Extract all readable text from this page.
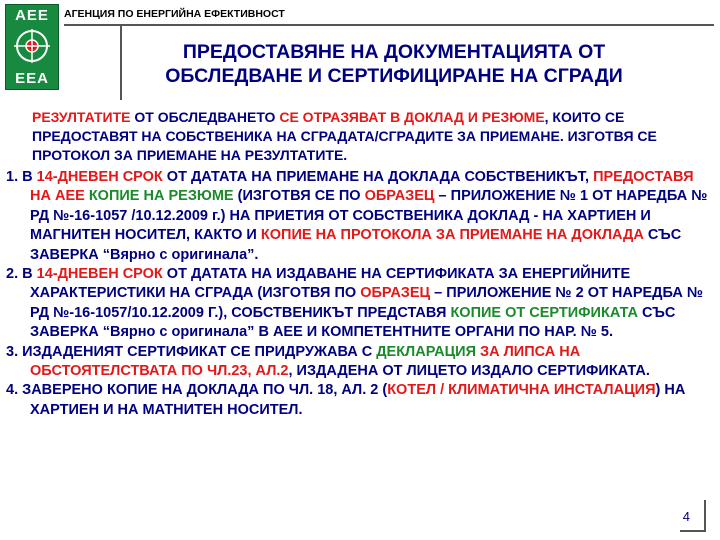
AEE
EEA
АГЕНЦИЯ ПО ЕНЕРГИЙНА ЕФЕКТИВНОСТ
ПРЕДОСТАВЯНЕ НА ДОКУМЕНТАЦИЯТА ОТ
ОБСЛЕДВАНЕ И СЕРТИФИЦИРАНЕ НА СГРАДИ
РЕЗУЛТАТИТЕ ОТ ОБСЛЕДВАНЕТО СЕ ОТРАЗЯВАТ В ДОКЛАД И РЕЗЮМЕ, КОИТО СЕ ПРЕДОСТАВЯТ НА СОБСТВЕНИКА НА СГРАДАТА/СГРАДИТЕ ЗА ПРИЕМАНЕ. ИЗГОТВЯ СЕ ПРОТОКОЛ ЗА ПРИЕМАНЕ НА РЕЗУЛТАТИТЕ.
1. В 14-ДНЕВЕН СРОК ОТ ДАТАТА НА ПРИЕМАНЕ НА ДОКЛАДА СОБСТВЕНИКЪТ, ПРЕДОСТАВЯ НА АЕЕ КОПИЕ НА РЕЗЮМЕ (ИЗГОТВЯ СЕ ПО ОБРАЗЕЦ – ПРИЛОЖЕНИЕ № 1 ОТ НАРЕДБА № РД №-16-1057 /10.12.2009 г.) НА ПРИЕТИЯ ОТ СОБСТВЕНИКА ДОКЛАД - НА ХАРТИЕН И МАГНИТЕН НОСИТЕЛ, КАКТО И КОПИЕ НА ПРОТОКОЛА ЗА ПРИЕМАНЕ НА ДОКЛАДА СЪС ЗАВЕРКА “Вярно с оригинала”.
2. В 14-ДНЕВЕН СРОК ОТ ДАТАТА НА ИЗДАВАНЕ НА СЕРТИФИКАТА ЗА ЕНЕРГИЙНИТЕ ХАРАКТЕРИСТИКИ НА СГРАДА (ИЗГОТВЯ ПО ОБРАЗЕЦ – ПРИЛОЖЕНИЕ № 2 ОТ НАРЕДБА № РД №-16-1057/10.12.2009 Г.), СОБСТВЕНИКЪТ ПРЕДСТАВЯ КОПИЕ ОТ СЕРТИФИКАТА СЪС ЗАВЕРКА “Вярно с оригинала” В АЕЕ И КОМПЕТЕНТНИТЕ ОРГАНИ ПО НАР. № 5.
3. ИЗДАДЕНИЯТ СЕРТИФИКАТ СЕ ПРИДРУЖАВА С ДЕКЛАРАЦИЯ ЗА ЛИПСА НА ОБСТОЯТЕЛСТВАТА ПО ЧЛ.23, АЛ.2, ИЗДАДЕНА ОТ ЛИЦЕТО ИЗДАЛО СЕРТИФИКАТА.
4. ЗАВЕРЕНО КОПИЕ НА ДОКЛАДА ПО ЧЛ. 18, АЛ. 2 (КОТЕЛ / КЛИМАТИЧНА ИНСТАЛАЦИЯ) НА ХАРТИЕН И НА МАТНИТЕН НОСИТЕЛ.
4
